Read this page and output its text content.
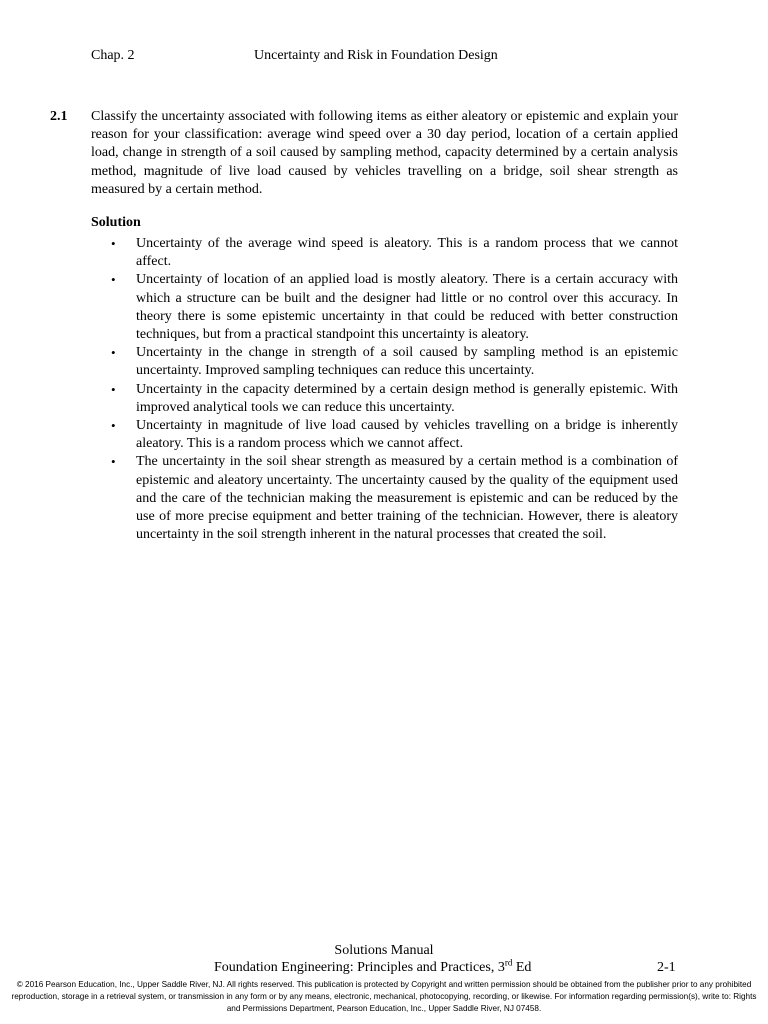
Chap. 2	Uncertainty and Risk in Foundation Design
2.1 Classify the uncertainty associated with following items as either aleatory or epistemic and explain your reason for your classification: average wind speed over a 30 day period, location of a certain applied load, change in strength of a soil caused by sampling method, capacity determined by a certain analysis method, magnitude of live load caused by vehicles travelling on a bridge, soil shear strength as measured by a certain method.
Solution
• Uncertainty of the average wind speed is aleatory. This is a random process that we cannot affect.
• Uncertainty of location of an applied load is mostly aleatory. There is a certain accuracy with which a structure can be built and the designer had little or no control over this accuracy. In theory there is some epistemic uncertainty in that could be reduced with better construction techniques, but from a practical standpoint this uncertainty is aleatory.
• Uncertainty in the change in strength of a soil caused by sampling method is an epistemic uncertainty. Improved sampling techniques can reduce this uncertainty.
• Uncertainty in the capacity determined by a certain design method is generally epistemic. With improved analytical tools we can reduce this uncertainty.
• Uncertainty in magnitude of live load caused by vehicles travelling on a bridge is inherently aleatory. This is a random process which we cannot affect.
• The uncertainty in the soil shear strength as measured by a certain method is a combination of epistemic and aleatory uncertainty. The uncertainty caused by the quality of the equipment used and the care of the technician making the measurement is epistemic and can be reduced by the use of more precise equipment and better training of the technician. However, there is aleatory uncertainty in the soil strength inherent in the natural processes that created the soil.
Solutions Manual
Foundation Engineering: Principles and Practices, 3rd Ed	2-1
© 2016 Pearson Education, Inc., Upper Saddle River, NJ. All rights reserved. This publication is protected by Copyright and written permission should be obtained from the publisher prior to any prohibited reproduction, storage in a retrieval system, or transmission in any form or by any means, electronic, mechanical, photocopying, recording, or likewise. For information regarding permission(s), write to: Rights and Permissions Department, Pearson Education, Inc., Upper Saddle River, NJ 07458.
